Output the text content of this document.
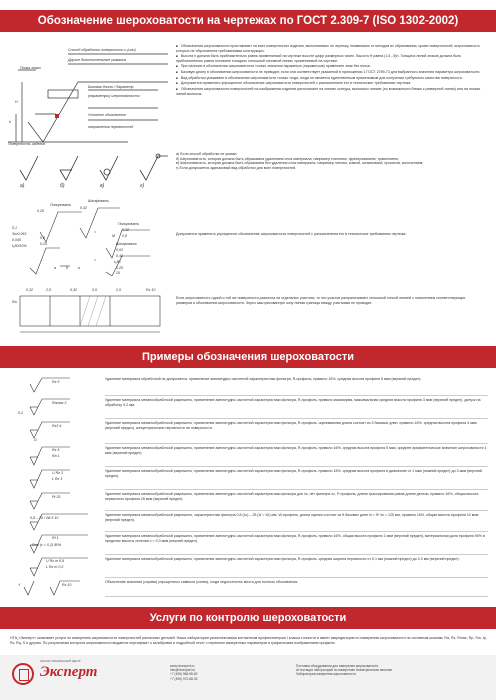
Обозначение шероховатости на чертежах по ГОСТ 2.309-7 (ISO 1302-2002)
Способ обработки поверхности и (или)
Другие дополнительные указания
Полка знака
Базовая длина / Параметр
(параметры) шероховатости
Условное обозначение
направления неровностей
Поверхность изделия
h
H

■ Обозначения шероховатости проставляют на всех поверхностях изделия, выполняемых по чертежу, независимо от методов их образования, кроме поверхностей, шероховатость которых не обусловлена требованиями конструкции.

■ Высота h должна быть приблизительно равна применяемой на чертеже высоте цифр размерных чисел. Высота H равна (1.5...5)h. Толщина линий знаков должна быть приблизительно равна половине толщины сплошной основной линии, применяемой на чертеже.

■ При наличии в обозначении шероховатости только значения параметра (параметров) применяют знак без полки.

■ Базовую длину в обозначении шероховатости не приводят, если она соответствует указанной в приложении 1 ГОСТ 2789-73 для выбранного значения параметра шероховатости.

■ Вид обработки указывают в обозначении шероховатости только тогда, когда он является единственным применимым для получения требуемого качества поверхности.

■ Допускается применять упрощенное обозначение шероховатости поверхностей с разъяснением его в технических требованиях чертежа.

■ Обозначения шероховатости поверхностей на изображении изделия располагают на линиях контура, выносных линиях (по возможности ближе к размерной линии) или на полках линий-выносок.

а)	б)	в)	г)

а) Если способ обработки не указан;

б) Шероховатость, которая должна быть образована удалением слоя материала, например точением, фрезерованием, травлением;

в) Шероховатость, которая должна быть образована без удаления слоя материала, например литьем, ковкой, штамповкой, прокатом, волочением;

г) Если допускается одинаковый вид обработки для всех поверхностей.

Полировать
Шлифовать
0,25
0,32
0,1
Sm0,063
0,040
t₅80/10%
0,8
0,25
Полировать
0,32
0,8
М
=
0,63
0,40
t₅80
0,25
25
Шлифовать
=
a	б	в
Допускается применять упрощенное обозначение шероховатости поверхностей с разъяснением его в технических требованиях чертежа.
0,32	2,5	0,32	0,5	2,5	Rz 10
Ra
Если шероховатость одной и той же поверхности различна на отдельных участках, то эти участки разграничивают сплошной тонкой линией с нанесением соответствующих размеров и обозначения шероховатости. Через заштрихованную зону линию границы между участками не проводят.
Примеры обозначения шероховатости
Rz 5
Удаление материала обработкой не допускается, применение амплитудно-частотной характеристики фильтра, R-профиль, правило 16%, средняя высота профиля 5 мкм (верхний предел).
Ramax 3
0,2
Удаление материала механообработкой разрешено, применение амплитудно-частотной характеристики фильтра, R-профиль, правило максимума, максимальная средняя высота профиля 3 мкм (верхний предел), допуск на обработку 0,2 мм.
Rz3 4
G
Удаление материала механообработкой разрешено, применение амплитудно-частотной характеристики фильтра, R-профиль, оцениваемая длина состоит из 3 базовых длин, правило 16%, средняя высота профиля 4 мкм (верхний предел), концентрические неровности на поверхности.
Rz 5
Ra 1
Удаление материала механообработкой разрешено, применение амплитудно-частотной характеристики фильтра, R-профиль, правило 16%, средняя высота профиля 5 мкм, среднее арифметическое значение шероховатости 1 мкм (верхний предел).
U Rz 3
L Rz 1
Удаление материала механообработкой разрешено, применение амплитудно-частотной характеристики фильтра, R-профиль, правило 16%, средняя высота профиля в диапазоне от 1 мкм (нижний предел) до 3 мкм (верхний предел).
Pt 25
Удаление материала механообработкой разрешено, применение амплитудно-частотной характеристики фильтра для λs, нет фильтра λc, P-профиль, длина трассирования равна длине детали, правило 16%, общая высота первичного профиля 25 мкм (верхний предел).
0,8 – 25 / Wt 5 10
Удаление материала механообработкой разрешено, характеристики фильтра 0,8 (λc) – 25 (λf = 5λ) мм, W-профиль, длина оценки состоит из 5 базовых длин ln = 5* lw = 125 мм, правило 16%, общая высота профиля 10 мкм (верхний предел).
Rt 1
Rmr (c = 0,2) 90%
Удаление материала механообработкой разрешено, применение амплитудно-частотной характеристики фильтра, R-профиль, правило 16%, общая высота профиля 1 мкм (верхний предел), материальная доля профиля 90% в пределах высоты сечения с = 0,3 мкм (нижний предел).
U Rz m 0,9
L Rz m 0,3
Удаление материала механообработкой разрешено, применение амплитудно-частотной характеристики фильтра, R-профиль, средняя ширина неровности от 0,1 мм (нижний предел) до 0,3 мм (верхний предел).
Rz 10
Y
Объяснение значения (справа) упрощенного символа (слева), когда недостаточно места для полного обозначения.
Услуги по контролю шероховатости
НТЦ «Эксперт» оказывает услуги по измерению шероховатости поверхностей различных деталей. Наша лаборатория укомплектована контактным профилометром I класса точности и имеет аккредитацию по измерению шероховатости по основным шкалам: Ra, Rz, Rmax, Rp, Sm, tp, Rv, Rq, S и другим. По результатам контроля шероховатости выдается сертификат о калибровке и подробный отчет с перечнем измеренных параметров и графическим изображением профиля.
НАУЧНО-ТЕХНИЧЕСКИЙ ЦЕНТР
Эксперт	www.ntcexpert.ru
info@ntcexpert.ru
+7 (495) 968-98-69
+7 (495) 972-68-33
Поставка оборудования для измерения шероховатости
Аттестация лабораторий по измерению геометрических величин
Лаборатория измерения шероховатости
